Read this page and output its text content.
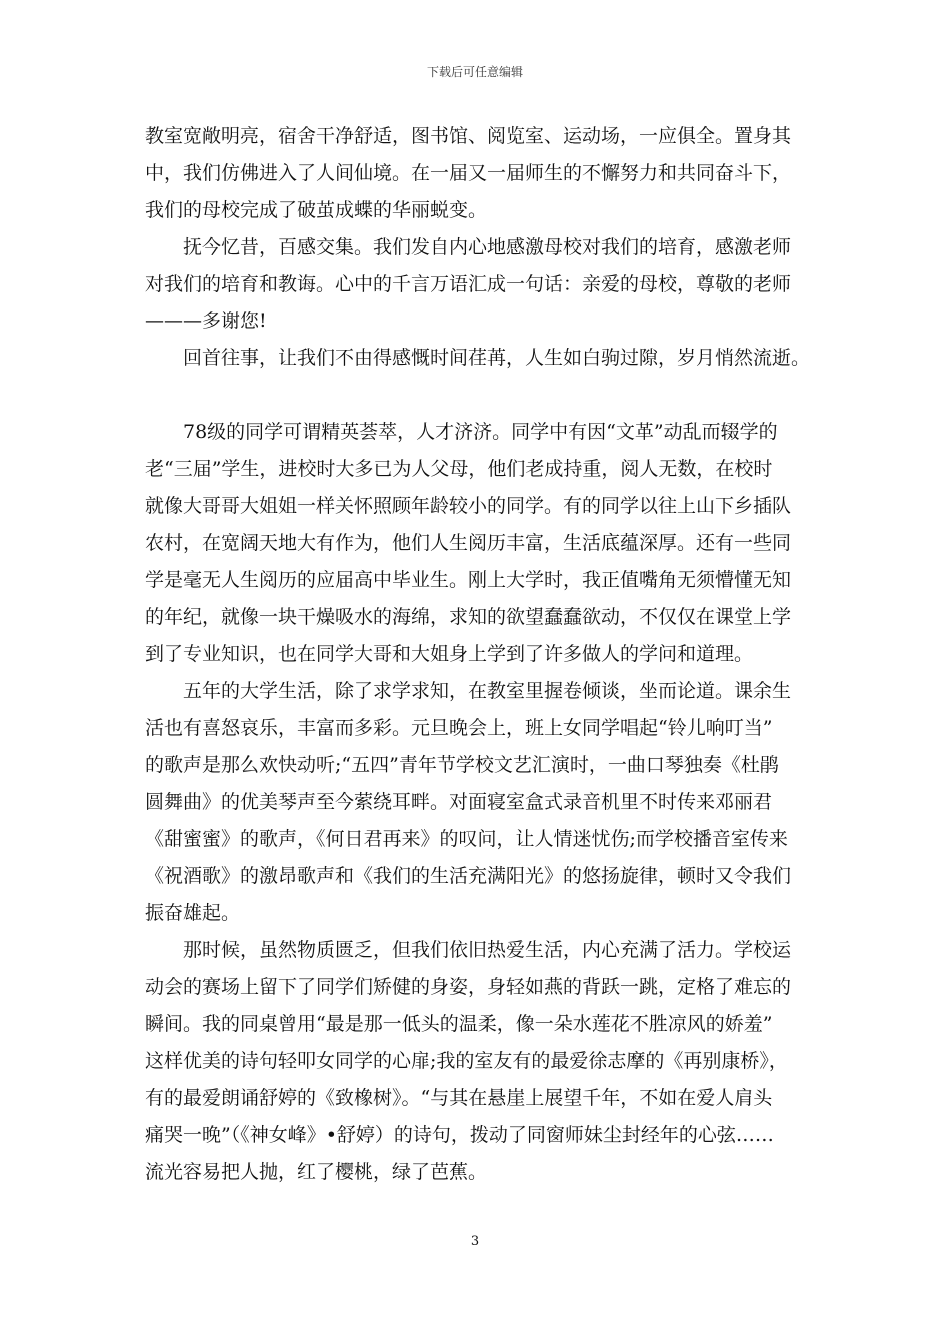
下载后可任意编辑

教室宽敞明亮，宿舍干净舒适，图书馆、阅览室、运动场，一应俱全。置身其
中，我们仿佛进入了人间仙境。在一届又一届师生的不懈努力和共同奋斗下，
我们的母校完成了破茧成蝶的华丽蜕变。

抚今忆昔，百感交集。我们发自内心地感激母校对我们的培育，感激老师

对我们的培育和教诲。心中的千言万语汇成一句话：亲爱的母校，尊敬的老师
———多谢您!

回首往事，让我们不由得感慨时间荏苒，人生如白驹过隙，岁月悄然流逝。

78级的同学可谓精英荟萃，人才济济。同学中有因“文革”动乱而辍学的

老“三届”学生，进校时大多已为人父母，他们老成持重，阅人无数，在校时
就像大哥哥大姐姐一样关怀照顾年龄较小的同学。有的同学以往上山下乡插队
农村，在宽阔天地大有作为，他们人生阅历丰富，生活底蕴深厚。还有一些同
学是毫无人生阅历的应届高中毕业生。刚上大学时，我正值嘴角无须懵懂无知
的年纪，就像一块干燥吸水的海绵，求知的欲望蠢蠢欲动，不仅仅在课堂上学
到了专业知识，也在同学大哥和大姐身上学到了许多做人的学问和道理。

五年的大学生活，除了求学求知，在教室里握卷倾谈，坐而论道。课余生

活也有喜怒哀乐，丰富而多彩。元旦晚会上，班上女同学唱起“铃儿响叮当”
的歌声是那么欢快动听;“五四”青年节学校文艺汇演时，一曲口琴独奏《杜鹃
圆舞曲》的优美琴声至今萦绕耳畔。对面寝室盒式录音机里不时传来邓丽君
《甜蜜蜜》的歌声，《何日君再来》的叹问，让人情迷忧伤;而学校播音室传来
《祝酒歌》的激昂歌声和《我们的生活充满阳光》的悠扬旋律，顿时又令我们
振奋雄起。

那时候，虽然物质匮乏，但我们依旧热爱生活，内心充满了活力。学校运

动会的赛场上留下了同学们矫健的身姿，身轻如燕的背跃一跳，定格了难忘的
瞬间。我的同桌曾用“最是那一低头的温柔，像一朵水莲花不胜凉风的娇羞”
这样优美的诗句轻叩女同学的心扉;我的室友有的最爱徐志摩的《再别康桥》，
有的最爱朗诵舒婷的《致橡树》。“与其在悬崖上展望千年，不如在爱人肩头
痛哭一晚”（《神女峰》•舒婷）的诗句，拨动了同窗师妹尘封经年的心弦……
流光容易把人抛，红了樱桃，绿了芭蕉。

3
